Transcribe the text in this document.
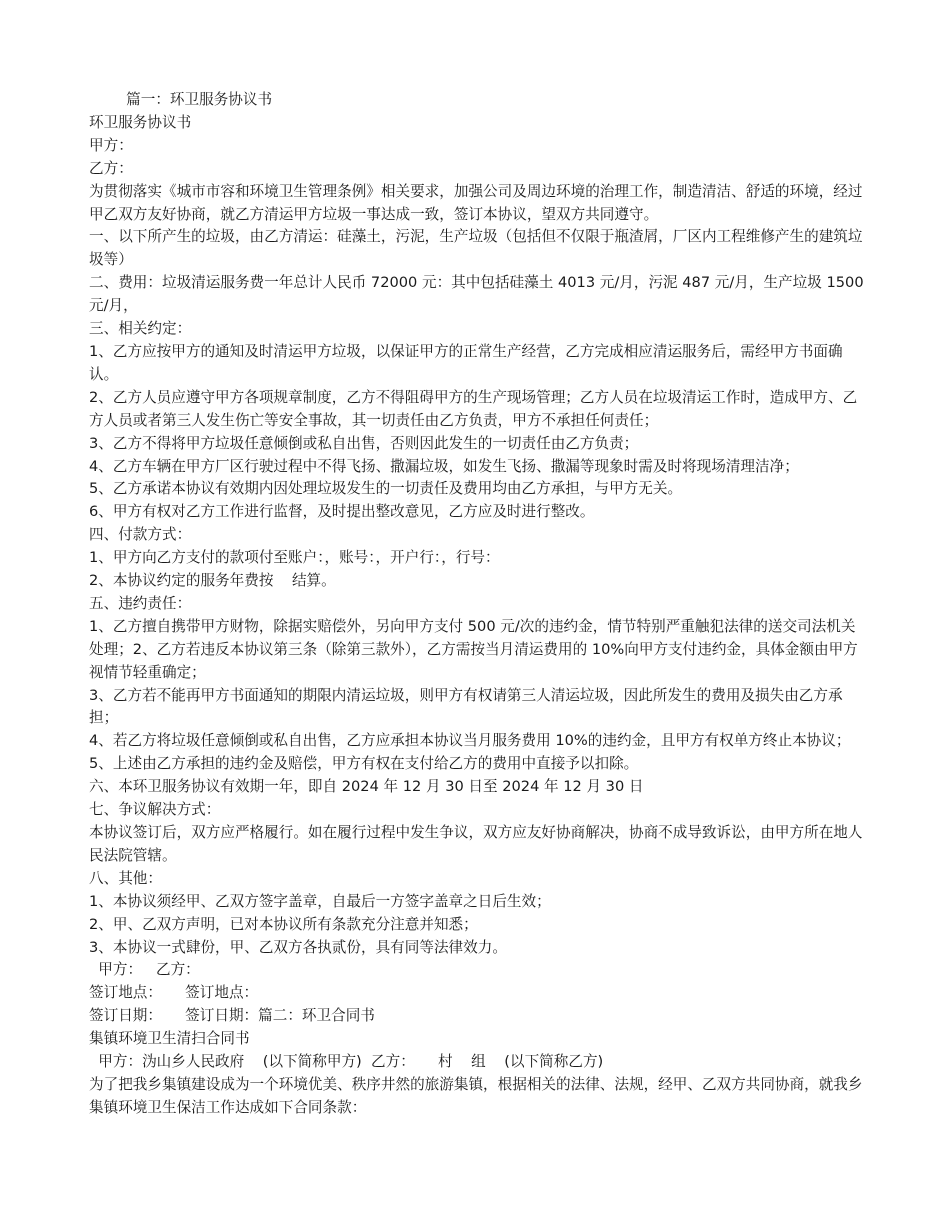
篇一：环卫服务协议书

环卫服务协议书

甲方：

乙方：

为贯彻落实《城市市容和环境卫生管理条例》相关要求，加强公司及周边环境的治理工作，制造清洁、舒适的环境，经过甲乙双方友好协商，就乙方清运甲方垃圾一事达成一致，签订本协议，望双方共同遵守。

一、以下所产生的垃圾，由乙方清运：硅藻土，污泥，生产垃圾（包括但不仅限于瓶渣屑，厂区内工程维修产生的建筑垃圾等）

二、费用：垃圾清运服务费一年总计人民币 72000 元：其中包括硅藻土 4013 元/月，污泥 487 元/月，生产垃圾 1500 元/月，

三、相关约定：

1、乙方应按甲方的通知及时清运甲方垃圾，以保证甲方的正常生产经营，乙方完成相应清运服务后，需经甲方书面确认。

2、乙方人员应遵守甲方各项规章制度，乙方不得阻碍甲方的生产现场管理；乙方人员在垃圾清运工作时，造成甲方、乙方人员或者第三人发生伤亡等安全事故，其一切责任由乙方负责，甲方不承担任何责任；

3、乙方不得将甲方垃圾任意倾倒或私自出售，否则因此发生的一切责任由乙方负责；

4、乙方车辆在甲方厂区行驶过程中不得飞扬、撒漏垃圾，如发生飞扬、撒漏等现象时需及时将现场清理洁净；

5、乙方承诺本协议有效期内因处理垃圾发生的一切责任及费用均由乙方承担，与甲方无关。

6、甲方有权对乙方工作进行监督，及时提出整改意见，乙方应及时进行整改。

四、付款方式：

1、甲方向乙方支付的款项付至账户：，账号：，开户行：，行号：

2、本协议约定的服务年费按    结算。

五、违约责任：

1、乙方擅自携带甲方财物，除据实赔偿外，另向甲方支付 500 元/次的违约金，情节特别严重触犯法律的送交司法机关处理；2、乙方若违反本协议第三条（除第三款外），乙方需按当月清运费用的 10%向甲方支付违约金，具体金额由甲方视情节轻重确定；

3、乙方若不能再甲方书面通知的期限内清运垃圾，则甲方有权请第三人清运垃圾，因此所发生的费用及损失由乙方承担；

4、若乙方将垃圾任意倾倒或私自出售，乙方应承担本协议当月服务费用 10%的违约金，且甲方有权单方终止本协议；

5、上述由乙方承担的违约金及赔偿，甲方有权在支付给乙方的费用中直接予以扣除。

六、本环卫服务协议有效期一年，即自 2024 年 12 月 30 日至 2024 年 12 月 30 日

七、争议解决方式：

本协议签订后，双方应严格履行。如在履行过程中发生争议，双方应友好协商解决，协商不成导致诉讼，由甲方所在地人民法院管辖。

八、其他：

1、本协议须经甲、乙双方签字盖章，自最后一方签字盖章之日后生效；

2、甲、乙双方声明，已对本协议所有条款充分注意并知悉；

3、本协议一式肆份，甲、乙双方各执贰份，具有同等法律效力。

甲方：   乙方：

签订地点：     签订地点：

签订日期：     签订日期：篇二：环卫合同书

集镇环境卫生清扫合同书

甲方：沩山乡人民政府    (以下简称甲方)  乙方：     村    组    (以下简称乙方)

为了把我乡集镇建设成为一个环境优美、秩序井然的旅游集镇，根据相关的法律、法规，经甲、乙双方共同协商，就我乡集镇环境卫生保洁工作达成如下合同条款：
